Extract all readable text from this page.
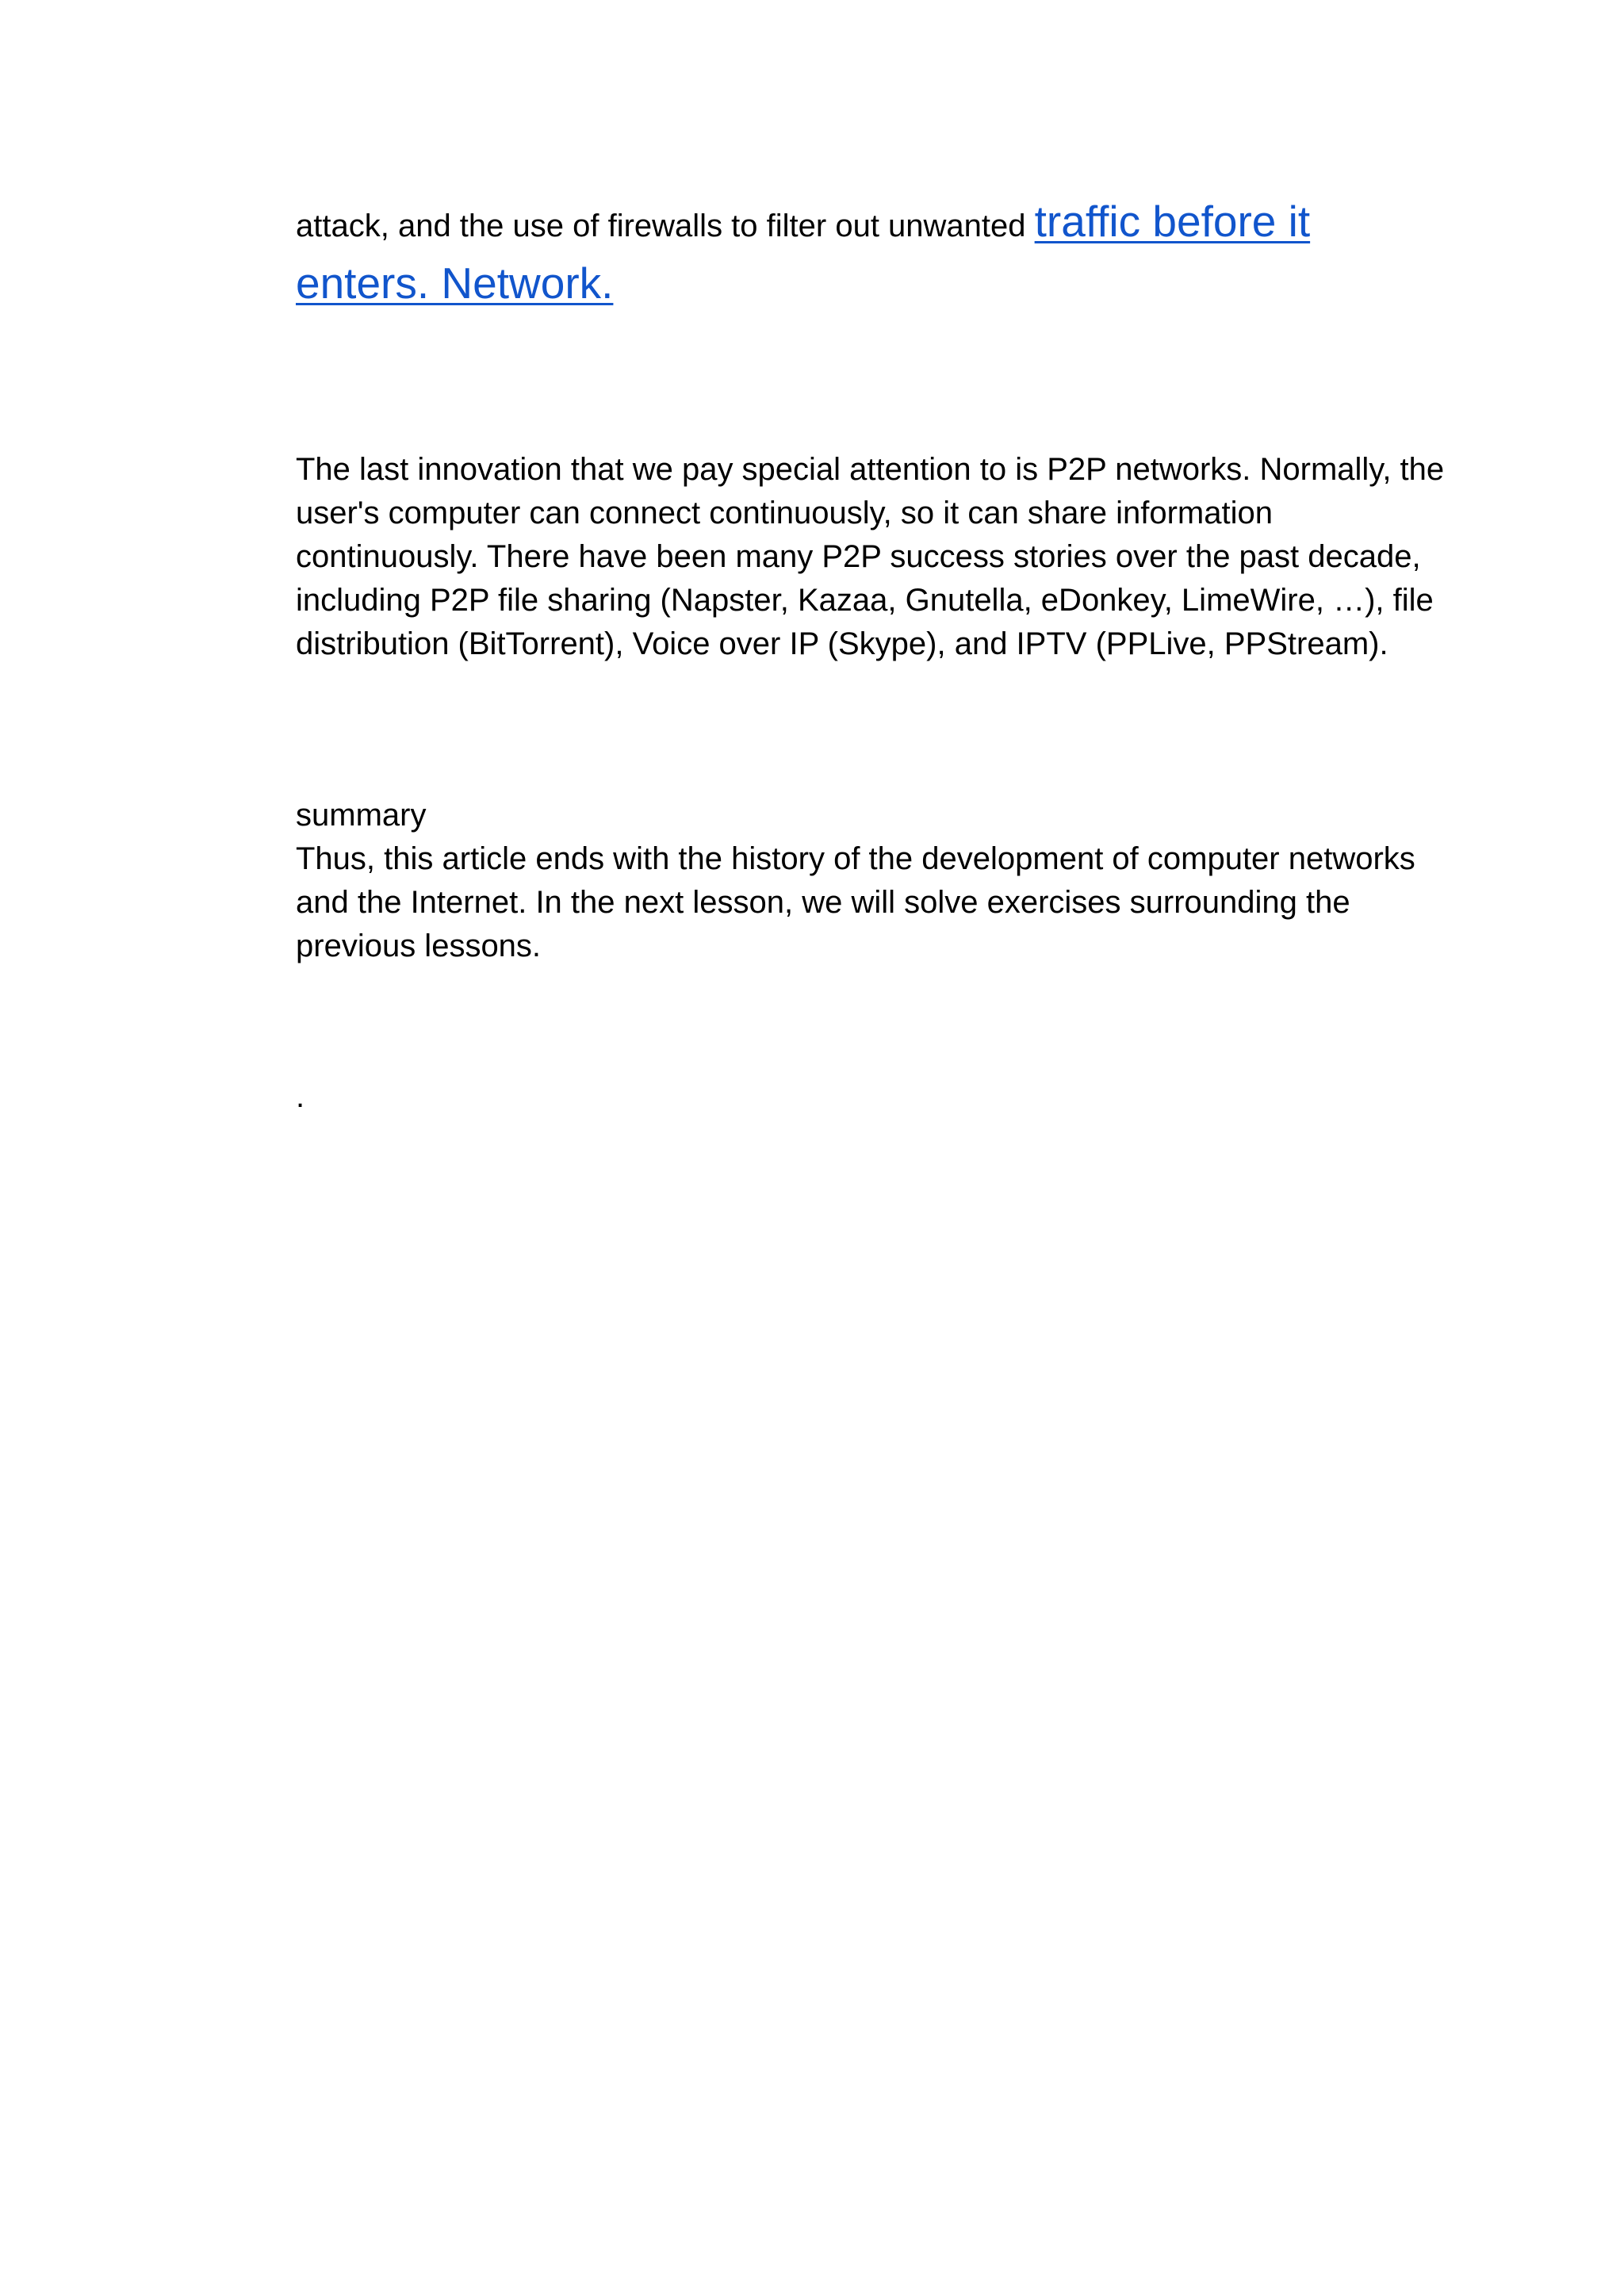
attack, and the use of firewalls to filter out unwanted traffic before it enters. Network.

The last innovation that we pay special attention to is P2P networks. Normally, the user's computer can connect continuously, so it can share information continuously. There have been many P2P success stories over the past decade, including P2P file sharing (Napster, Kazaa, Gnutella, eDonkey, LimeWire, …), file distribution (BitTorrent), Voice over IP (Skype), and IPTV (PPLive, PPStream).

summary

Thus, this article ends with the history of the development of computer networks and the Internet. In the next lesson, we will solve exercises surrounding the previous lessons.

.
